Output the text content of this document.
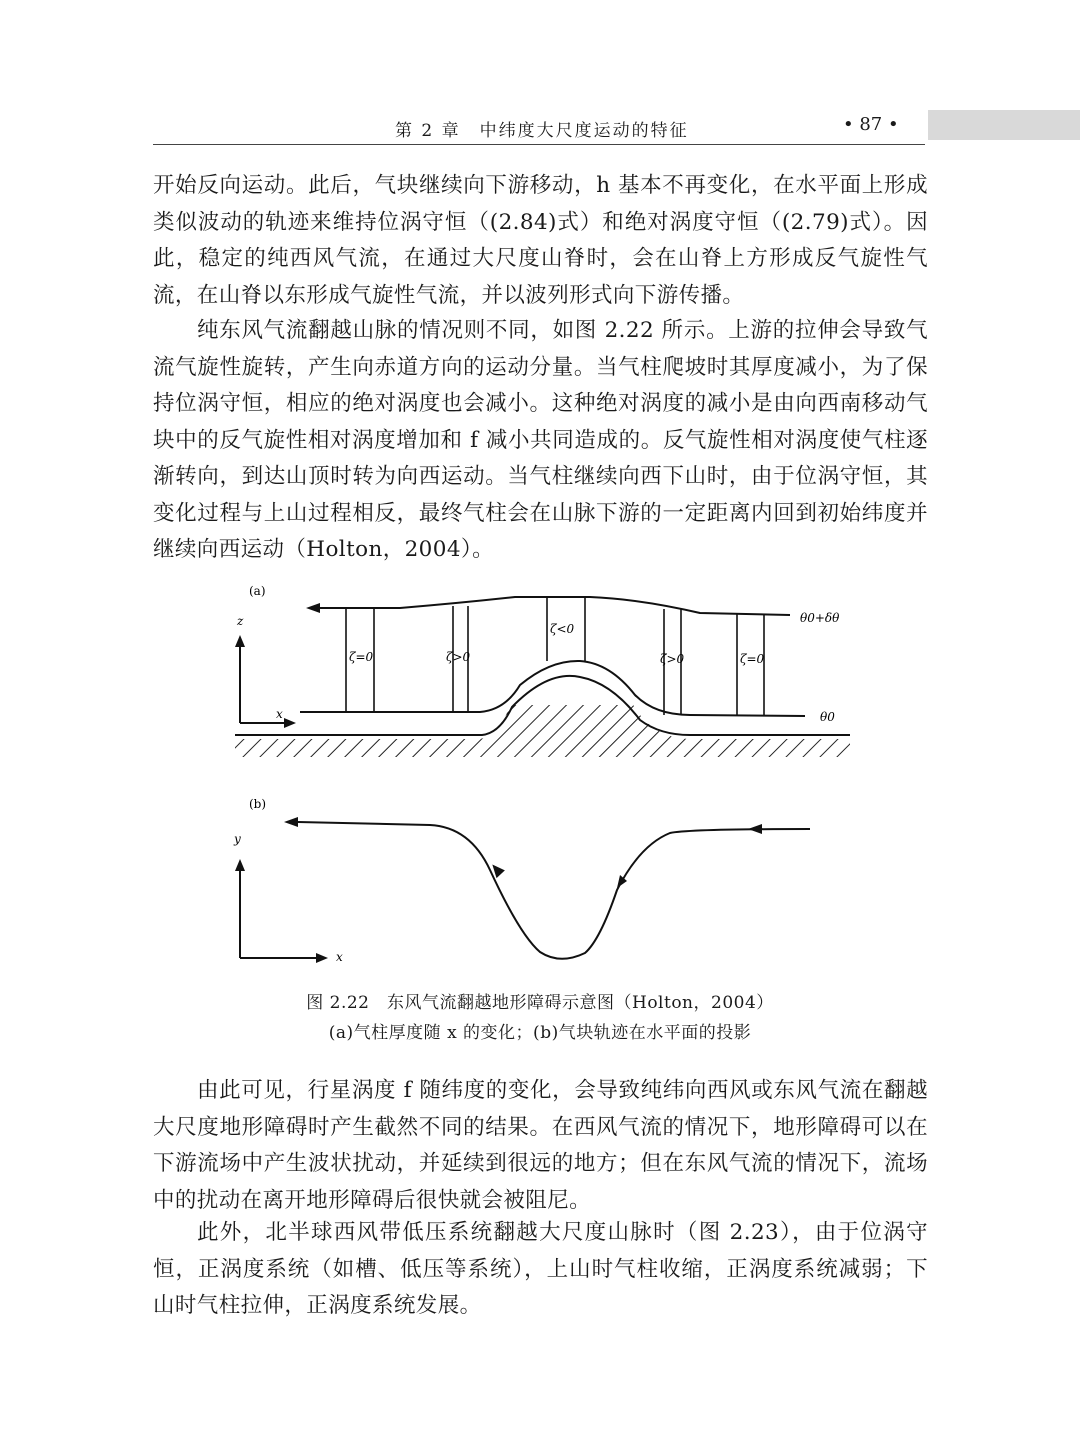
第 2 章　中纬度大尺度运动的特征	• 87 •

开始反向运动。此后，气块继续向下游移动，h 基本不再变化，在水平面上形成类似波动的轨迹来维持位涡守恒（(2.84)式）和绝对涡度守恒（(2.79)式）。因此，稳定的纯西风气流，在通过大尺度山脊时，会在山脊上方形成反气旋性气流，在山脊以东形成气旋性气流，并以波列形式向下游传播。

纯东风气流翻越山脉的情况则不同，如图 2.22 所示。上游的拉伸会导致气流气旋性旋转，产生向赤道方向的运动分量。当气柱爬坡时其厚度减小，为了保持位涡守恒，相应的绝对涡度也会减小。这种绝对涡度的减小是由向西南移动气块中的反气旋性相对涡度增加和 f 减小共同造成的。反气旋性相对涡度使气柱逐渐转向，到达山顶时转为向西运动。当气柱继续向西下山时，由于位涡守恒，其变化过程与上山过程相反，最终气柱会在山脉下游的一定距离内回到初始纬度并继续向西运动（Holton，2004）。

(a)
z
x
ζ=0	ζ>0
ζ<0
ζ>0	ζ=0
θ0+δθ
θ0
(b)
y
x
图 2.22　东风气流翻越地形障碍示意图（Holton，2004）
(a)气柱厚度随 x 的变化；(b)气块轨迹在水平面的投影

由此可见，行星涡度 f 随纬度的变化，会导致纯纬向西风或东风气流在翻越大尺度地形障碍时产生截然不同的结果。在西风气流的情况下，地形障碍可以在下游流场中产生波状扰动，并延续到很远的地方；但在东风气流的情况下，流场中的扰动在离开地形障碍后很快就会被阻尼。

此外，北半球西风带低压系统翻越大尺度山脉时（图 2.23），由于位涡守恒，正涡度系统（如槽、低压等系统），上山时气柱收缩，正涡度系统减弱；下山时气柱拉伸，正涡度系统发展。
